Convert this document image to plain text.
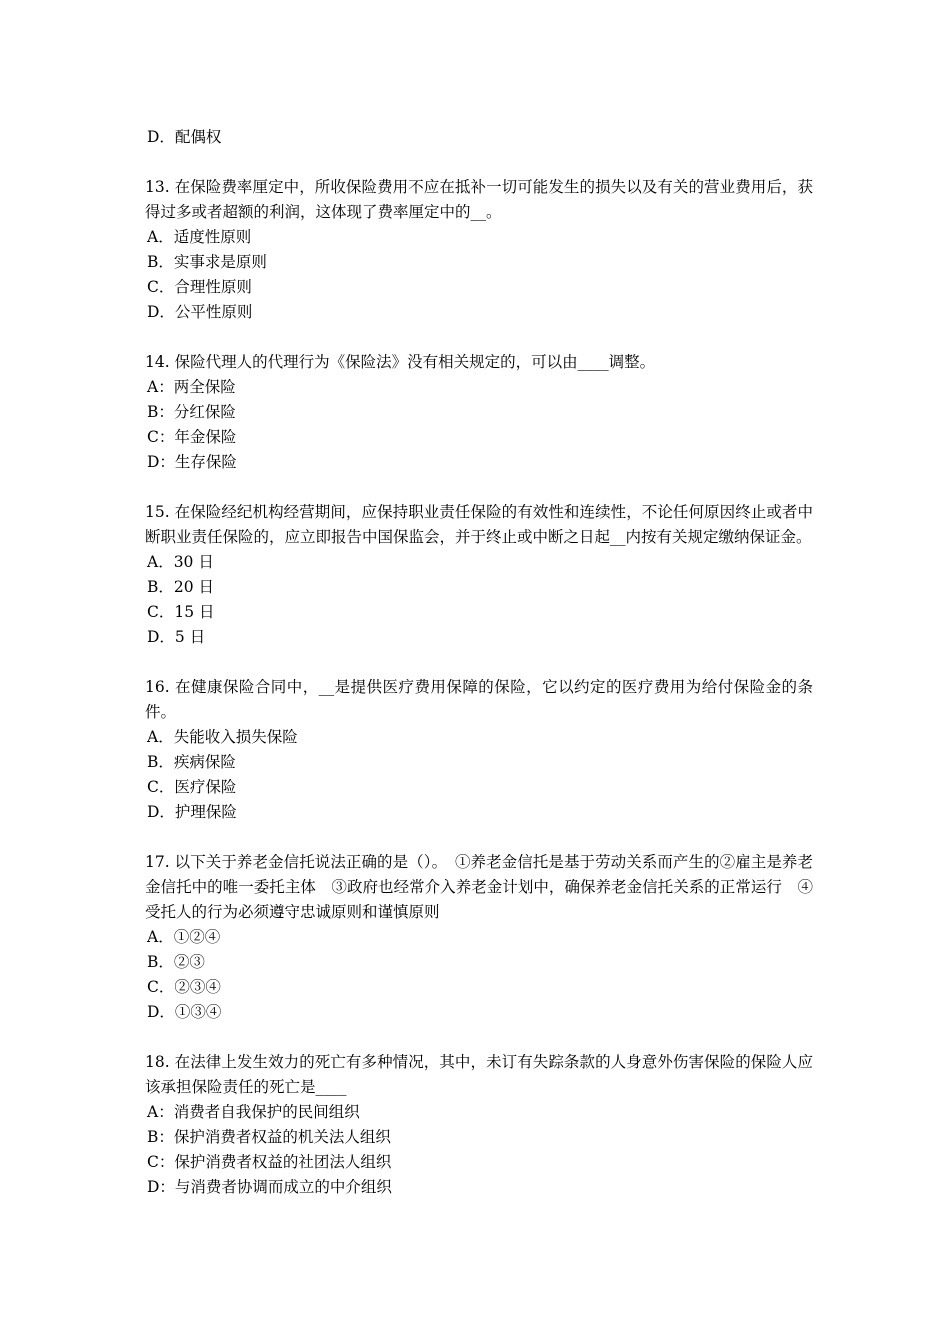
D．配偶权
13. 在保险费率厘定中，所收保险费用不应在抵补一切可能发生的损失以及有关的营业费用后，获得过多或者超额的利润，这体现了费率厘定中的__。
A．适度性原则
B．实事求是原则
C．合理性原则
D．公平性原则
14. 保险代理人的代理行为《保险法》没有相关规定的，可以由____调整。
A：两全保险
B：分红保险
C：年金保险
D：生存保险
15. 在保险经纪机构经营期间，应保持职业责任保险的有效性和连续性，不论任何原因终止或者中断职业责任保险的，应立即报告中国保监会，并于终止或中断之日起__内按有关规定缴纳保证金。
A．30 日
B．20 日
C．15 日
D．5 日
16. 在健康保险合同中，__是提供医疗费用保障的保险，它以约定的医疗费用为给付保险金的条件。
A．失能收入损失保险
B．疾病保险
C．医疗保险
D．护理保险
17. 以下关于养老金信托说法正确的是（）。　①养老金信托是基于劳动关系而产生的②雇主是养老金信托中的唯一委托主体　③政府也经常介入养老金计划中，确保养老金信托关系的正常运行　④受托人的行为必须遵守忠诚原则和谨慎原则
A．①②④
B．②③
C．②③④
D．①③④
18. 在法律上发生效力的死亡有多种情况，其中，未订有失踪条款的人身意外伤害保险的保险人应该承担保险责任的死亡是____
A：消费者自我保护的民间组织
B：保护消费者权益的机关法人组织
C：保护消费者权益的社团法人组织
D：与消费者协调而成立的中介组织
